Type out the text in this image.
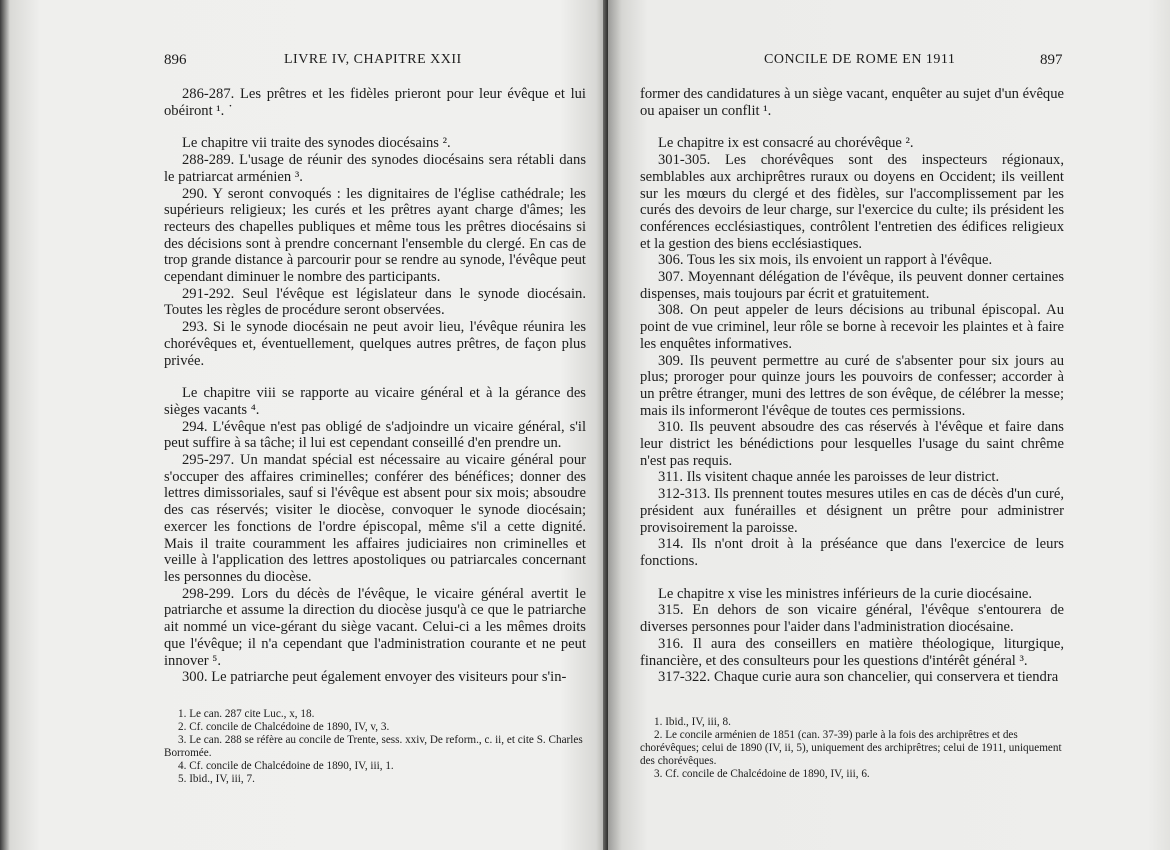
896	LIVRE IV, CHAPITRE XXII

286-287. Les prêtres et les fidèles prieront pour leur évêque et lui obéiront ¹. ˙

Le chapitre vii traite des synodes diocésains ².

288-289. L'usage de réunir des synodes diocésains sera rétabli dans le patriarcat arménien ³.

290. Y seront convoqués : les dignitaires de l'église cathédrale; les supérieurs religieux; les curés et les prêtres ayant charge d'âmes; les recteurs des chapelles publiques et même tous les prêtres diocésains si des décisions sont à prendre concernant l'ensemble du clergé. En cas de trop grande distance à parcourir pour se rendre au synode, l'évêque peut cependant diminuer le nombre des participants.

291-292. Seul l'évêque est législateur dans le synode diocésain. Toutes les règles de procédure seront observées.

293. Si le synode diocésain ne peut avoir lieu, l'évêque réunira les chorévêques et, éventuellement, quelques autres prêtres, de façon plus privée.

Le chapitre viii se rapporte au vicaire général et à la gérance des sièges vacants ⁴.

294. L'évêque n'est pas obligé de s'adjoindre un vicaire général, s'il peut suffire à sa tâche; il lui est cependant conseillé d'en prendre un.

295-297. Un mandat spécial est nécessaire au vicaire général pour s'occuper des affaires criminelles; conférer des bénéfices; donner des lettres dimissoriales, sauf si l'évêque est absent pour six mois; absoudre des cas réservés; visiter le diocèse, convoquer le synode diocésain; exercer les fonctions de l'ordre épiscopal, même s'il a cette dignité. Mais il traite couramment les affaires judiciaires non criminelles et veille à l'application des lettres apostoliques ou patriarcales concernant les personnes du diocèse.

298-299. Lors du décès de l'évêque, le vicaire général avertit le patriarche et assume la direction du diocèse jusqu'à ce que le patriarche ait nommé un vice-gérant du siège vacant. Celui-ci a les mêmes droits que l'évêque; il n'a cependant que l'administration courante et ne peut innover ⁵.

300. Le patriarche peut également envoyer des visiteurs pour s'in-

1. Le can. 287 cite Luc., x, 18.
2. Cf. concile de Chalcédoine de 1890, IV, v, 3.
3. Le can. 288 se réfère au concile de Trente, sess. xxiv, De reform., c. ii, et cite S. Charles Borromée.
4. Cf. concile de Chalcédoine de 1890, IV, iii, 1.
5. Ibid., IV, iii, 7.
CONCILE DE ROME EN 1911	897

former des candidatures à un siège vacant, enquêter au sujet d'un évêque ou apaiser un conflit ¹.

Le chapitre ix est consacré au chorévêque ².

301-305. Les chorévêques sont des inspecteurs régionaux, semblables aux archiprêtres ruraux ou doyens en Occident; ils veillent sur les mœurs du clergé et des fidèles, sur l'accomplissement par les curés des devoirs de leur charge, sur l'exercice du culte; ils président les conférences ecclésiastiques, contrôlent l'entretien des édifices religieux et la gestion des biens ecclésiastiques.

306. Tous les six mois, ils envoient un rapport à l'évêque.

307. Moyennant délégation de l'évêque, ils peuvent donner certaines dispenses, mais toujours par écrit et gratuitement.

308. On peut appeler de leurs décisions au tribunal épiscopal. Au point de vue criminel, leur rôle se borne à recevoir les plaintes et à faire les enquêtes informatives.

309. Ils peuvent permettre au curé de s'absenter pour six jours au plus; proroger pour quinze jours les pouvoirs de confesser; accorder à un prêtre étranger, muni des lettres de son évêque, de célébrer la messe; mais ils informeront l'évêque de toutes ces permissions.

310. Ils peuvent absoudre des cas réservés à l'évêque et faire dans leur district les bénédictions pour lesquelles l'usage du saint chrême n'est pas requis.

311. Ils visitent chaque année les paroisses de leur district.

312-313. Ils prennent toutes mesures utiles en cas de décès d'un curé, président aux funérailles et désignent un prêtre pour administrer provisoirement la paroisse.

314. Ils n'ont droit à la préséance que dans l'exercice de leurs fonctions.

Le chapitre x vise les ministres inférieurs de la curie diocésaine.

315. En dehors de son vicaire général, l'évêque s'entourera de diverses personnes pour l'aider dans l'administration diocésaine.

316. Il aura des conseillers en matière théologique, liturgique, financière, et des consulteurs pour les questions d'intérêt général ³.

317-322. Chaque curie aura son chancelier, qui conservera et tiendra

1. Ibid., IV, iii, 8.
2. Le concile arménien de 1851 (can. 37-39) parle à la fois des archiprêtres et des chorévêques; celui de 1890 (IV, ii, 5), uniquement des archiprêtres; celui de 1911, uniquement des chorévêques.
3. Cf. concile de Chalcédoine de 1890, IV, iii, 6.
